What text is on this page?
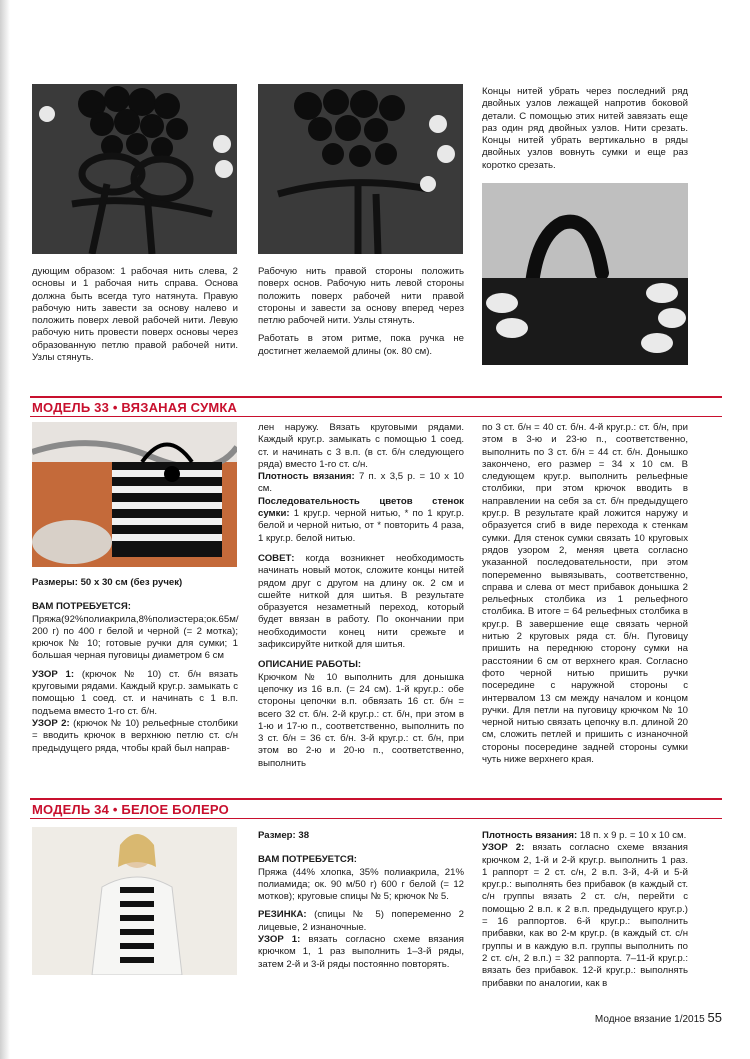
дующим образом: 1 рабочая нить слева, 2 основы и 1 рабочая нить справа. Основа должна быть всегда туго натянута. Правую рабочую нить завести за основу налево и положить поверх левой рабочей нити. Левую рабочую нить провести поверх основы через образованную петлю правой рабочей нити. Узлы стянуть.

Рабочую нить правой стороны положить поверх основ. Рабочую нить левой стороны положить поверх рабочей нити правой стороны и завести за основу вперед через петлю рабочей нити. Узлы стянуть.

Работать в этом ритме, пока ручка не достигнет желаемой длины (ок. 80 см).

Концы нитей убрать через последний ряд двойных узлов лежащей напротив боковой детали. С помощью этих нитей завязать еще раз один ряд двойных узлов. Нити срезать. Концы нитей убрать вертикально в ряды двойных узлов вовнуть сумки и еще раз коротко срезать.

МОДЕЛЬ 33 • ВЯЗАНАЯ СУМКА

Размеры: 50 x 30 см (без ручек)

ВАМ ПОТРЕБУЕТСЯ:

Пряжа(92%полиакрила,8%полиэстера;ок.65м/ 200 г) по 400 г белой и черной (= 2 мотка); крючок № 10; готовые ручки для сумки; 1 большая черная пуговицы диаметром 6 см

УЗОР 1: (крючок № 10) ст. б/н вязать круговыми рядами. Каждый круг.р. замыкать с помощью 1 соед. ст. и начинать с 1 в.п. подъема вместо 1-го ст. б/н.

УЗОР 2: (крючок № 10) рельефные столбики = вводить крючок в верхнюю петлю ст. с/н предыдущего ряда, чтобы край был направ-

лен наружу. Вязать круговыми рядами. Каждый круг.р. замыкать с помощью 1 соед. ст. и начинать с 3 в.п. (в ст. б/н следующего ряда) вместо 1-го ст. с/н.

Плотность вязания: 7 п. x 3,5 р. = 10 x 10 см.

Последовательность цветов стенок сумки: 1 круг.р. черной нитью, * по 1 круг.р. белой и черной нитью, от * повторить 4 раза, 1 круг.р. белой нитью.

СОВЕТ: когда возникнет необходимость начинать новый моток, сложите концы нитей рядом друг с другом на длину ок. 2 см и сшейте ниткой для шитья. В результате образуется незаметный переход, который будет ввязан в работу. По окончании при необходимости конец нити срежьте и зафиксируйте ниткой для шитья.

ОПИСАНИЕ РАБОТЫ:

Крючком № 10 выполнить для донышка цепочку из 16 в.п. (= 24 см). 1-й круг.р.: обе стороны цепочки в.п. обвязать 16 ст. б/н = всего 32 ст. б/н. 2-й круг.р.: ст. б/н, при этом в 1-ю и 17-ю п., соответственно, выполнить по 3 ст. б/н = 36 ст. б/н. 3-й круг.р.: ст. б/н, при этом во 2-ю и 20-ю п., соответственно, выполнить

по 3 ст. б/н = 40 ст. б/н. 4-й круг.р.: ст. б/н, при этом в 3-ю и 23-ю п., соответственно, выполнить по 3 ст. б/н = 44 ст. б/н. Донышко закончено, его размер = 34 x 10 см. В следующем круг.р. выполнить рельефные столбики, при этом крючок вводить в направлении на себя за ст. б/н предыдущего круг.р. В результате край ложится наружу и образуется сгиб в виде перехода к стенкам сумки. Для стенок сумки связать 10 круговых рядов узором 2, меняя цвета согласно указанной последовательности, при этом попеременно вывязывать, соответственно, справа и слева от мест прибавок донышка 2 рельефных столбика из 1 рельефного столбика. В итоге = 64 рельефных столбика в круг.р. В завершение еще связать черной нитью 2 круговых ряда ст. б/н. Пуговицу пришить на переднюю сторону сумки на расстоянии 6 см от верхнего края. Согласно фото черной нитью пришить ручки посередине с наружной стороны с интервалом 13 см между началом и концом ручки. Для петли на пуговицу крючком № 10 черной нитью связать цепочку в.п. длиной 20 см, сложить петлей и пришить с изнаночной стороны посередине задней стороны сумки чуть ниже верхнего края.

МОДЕЛЬ 34 • БЕЛОЕ БОЛЕРО

Размер: 38

ВАМ ПОТРЕБУЕТСЯ:

Пряжа (44% хлопка, 35% полиакрила, 21% полиамида; ок. 90 м/50 г) 600 г белой (= 12 мотков); круговые спицы № 5; крючок № 5.

РЕЗИНКА: (спицы № 5) попеременно 2 лицевые, 2 изнаночные.

УЗОР 1: вязать согласно схеме вязания крючком 1, 1 раз выполнить 1–3-й ряды, затем 2-й и 3-й ряды постоянно повторять.

Плотность вязания: 18 п. x 9 р. = 10 x 10 см.

УЗОР 2: вязать согласно схеме вязания крючком 2, 1-й и 2-й круг.р. выполнить 1 раз. 1 раппорт = 2 ст. с/н, 2 в.п. 3-й, 4-й и 5-й круг.р.: выполнять без прибавок (в каждый ст. с/н группы вязать 2 ст. с/н, перейти с помощью 2 в.п. к 2 в.п. предыдущего круг.р.) = 16 раппортов. 6-й круг.р.: выполнить прибавки, как во 2-м круг.р. (в каждый ст. с/н группы и в каждую в.п. группы выполнить по 2 ст. с/н, 2 в.п.) = 32 раппорта. 7–11-й круг.р.: вязать без прибавок. 12-й круг.р.: выполнять прибавки по аналогии, как в

Модное вязание 1/2015 55
